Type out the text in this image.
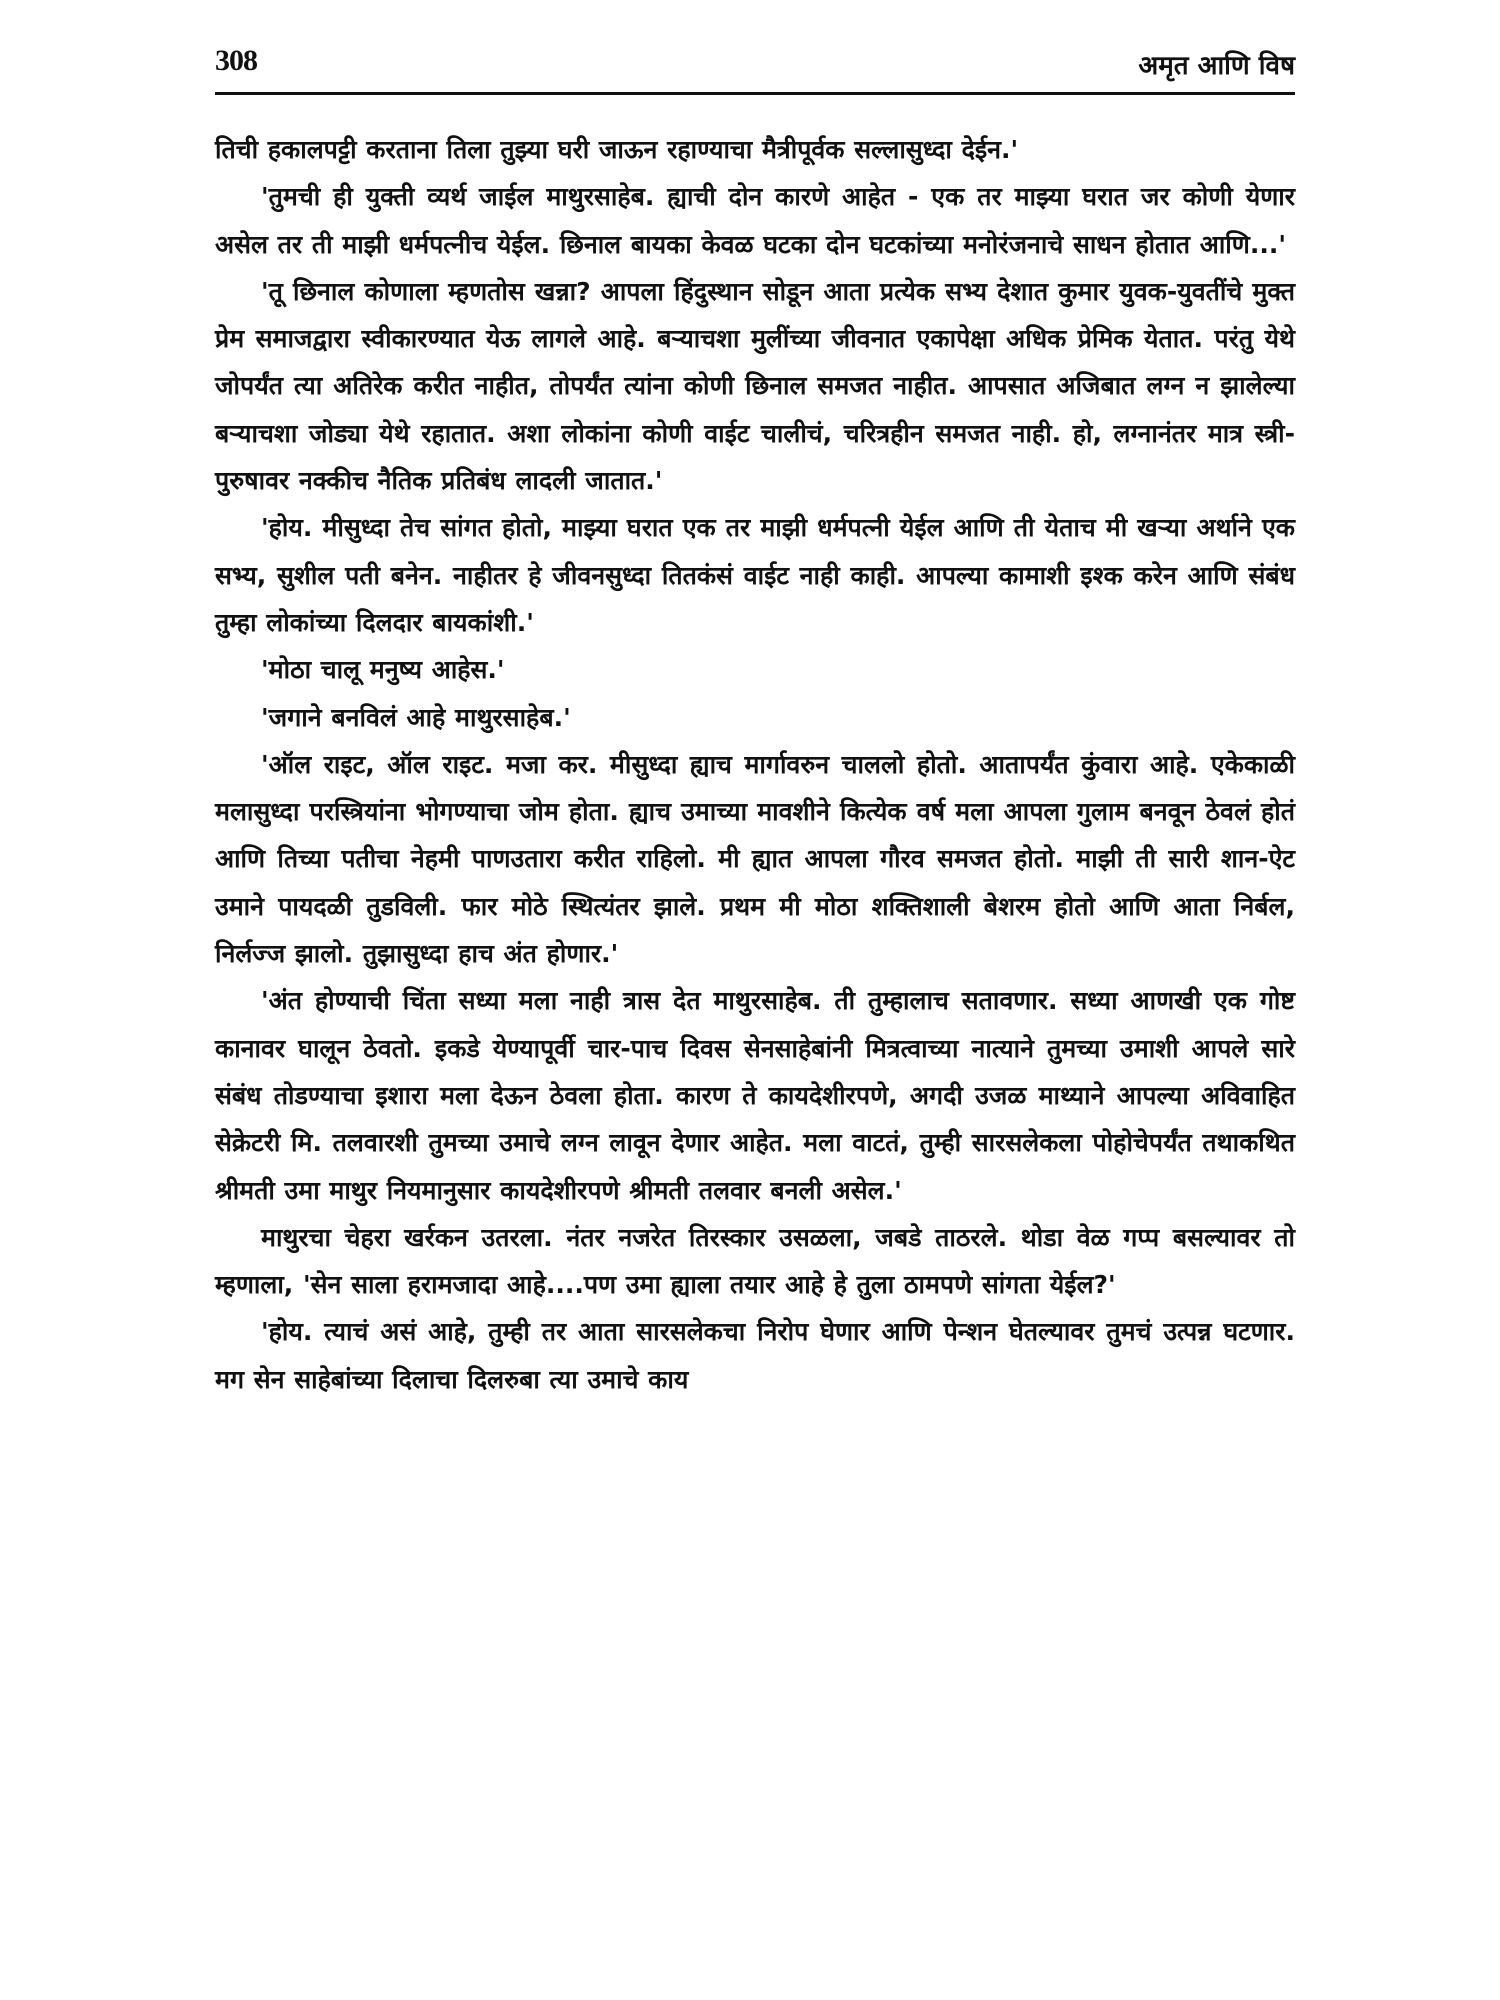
308	अमृत आणि विष

तिची हकालपट्टी करताना तिला तुझ्या घरी जाऊन रहाण्याचा मैत्रीपूर्वक सल्लासुध्दा देईन.'

'तुमची ही युक्ती व्यर्थ जाईल माथुरसाहेब. ह्याची दोन कारणे आहेत - एक तर माझ्या घरात जर कोणी येणार असेल तर ती माझी धर्मपत्नीच येईल. छिनाल बायका केवळ घटका दोन घटकांच्या मनोरंजनाचे साधन होतात आणि...'

'तू छिनाल कोणाला म्हणतोस खन्ना? आपला हिंदुस्थान सोडून आता प्रत्येक सभ्य देशात कुमार युवक-युवतींचे मुक्त प्रेम समाजद्वारा स्वीकारण्यात येऊ लागले आहे. बऱ्याचशा मुलींच्या जीवनात एकापेक्षा अधिक प्रेमिक येतात. परंतु येथे जोपर्यंत त्या अतिरेक करीत नाहीत, तोपर्यंत त्यांना कोणी छिनाल समजत नाहीत. आपसात अजिबात लग्न न झालेल्या बऱ्याचशा जोड्या येथे रहातात. अशा लोकांना कोणी वाईट चालीचं, चरित्रहीन समजत नाही. हो, लग्नानंतर मात्र स्त्री-पुरुषावर नक्कीच नैतिक प्रतिबंध लादली जातात.'

'होय. मीसुध्दा तेच सांगत होतो, माझ्या घरात एक तर माझी धर्मपत्नी येईल आणि ती येताच मी खऱ्या अर्थाने एक सभ्य, सुशील पती बनेन. नाहीतर हे जीवनसुध्दा तितकंसं वाईट नाही काही. आपल्या कामाशी इश्क करेन आणि संबंध तुम्हा लोकांच्या दिलदार बायकांशी.'

'मोठा चालू मनुष्य आहेस.'

'जगाने बनविलं आहे माथुरसाहेब.'

'ऑल राइट, ऑल राइट. मजा कर. मीसुध्दा ह्याच मार्गावरुन चाललो होतो. आतापर्यंत कुंवारा आहे. एकेकाळी मलासुध्दा परस्त्रियांना भोगण्याचा जोम होता. ह्याच उमाच्या मावशीने कित्येक वर्ष मला आपला गुलाम बनवून ठेवलं होतं आणि तिच्या पतीचा नेहमी पाणउतारा करीत राहिलो. मी ह्यात आपला गौरव समजत होतो. माझी ती सारी शान-ऐट उमाने पायदळी तुडविली. फार मोठे स्थित्यंतर झाले. प्रथम मी मोठा शक्तिशाली बेशरम होतो आणि आता निर्बल, निर्लज्ज झालो. तुझासुध्दा हाच अंत होणार.'

'अंत होण्याची चिंता सध्या मला नाही त्रास देत माथुरसाहेब. ती तुम्हालाच सतावणार. सध्या आणखी एक गोष्ट कानावर घालून ठेवतो. इकडे येण्यापूर्वी चार-पाच दिवस सेनसाहेबांनी मित्रत्वाच्या नात्याने तुमच्या उमाशी आपले सारे संबंध तोडण्याचा इशारा मला देऊन ठेवला होता. कारण ते कायदेशीरपणे, अगदी उजळ माथ्याने आपल्या अविवाहित सेक्रेटरी मि. तलवारशी तुमच्या उमाचे लग्न लावून देणार आहेत. मला वाटतं, तुम्ही सारसलेकला पोहोचेपर्यंत तथाकथित श्रीमती उमा माथुर नियमानुसार कायदेशीरपणे श्रीमती तलवार बनली असेल.'

माथुरचा चेहरा खर्रकन उतरला. नंतर नजरेत तिरस्कार उसळला, जबडे ताठरले. थोडा वेळ गप्प बसल्यावर तो म्हणाला, 'सेन साला हरामजादा आहे....पण उमा ह्याला तयार आहे हे तुला ठामपणे सांगता येईल?'

'होय. त्याचं असं आहे, तुम्ही तर आता सारसलेकचा निरोप घेणार आणि पेन्शन घेतल्यावर तुमचं उत्पन्न घटणार. मग सेन साहेबांच्या दिलाचा दिलरुबा त्या उमाचे काय
